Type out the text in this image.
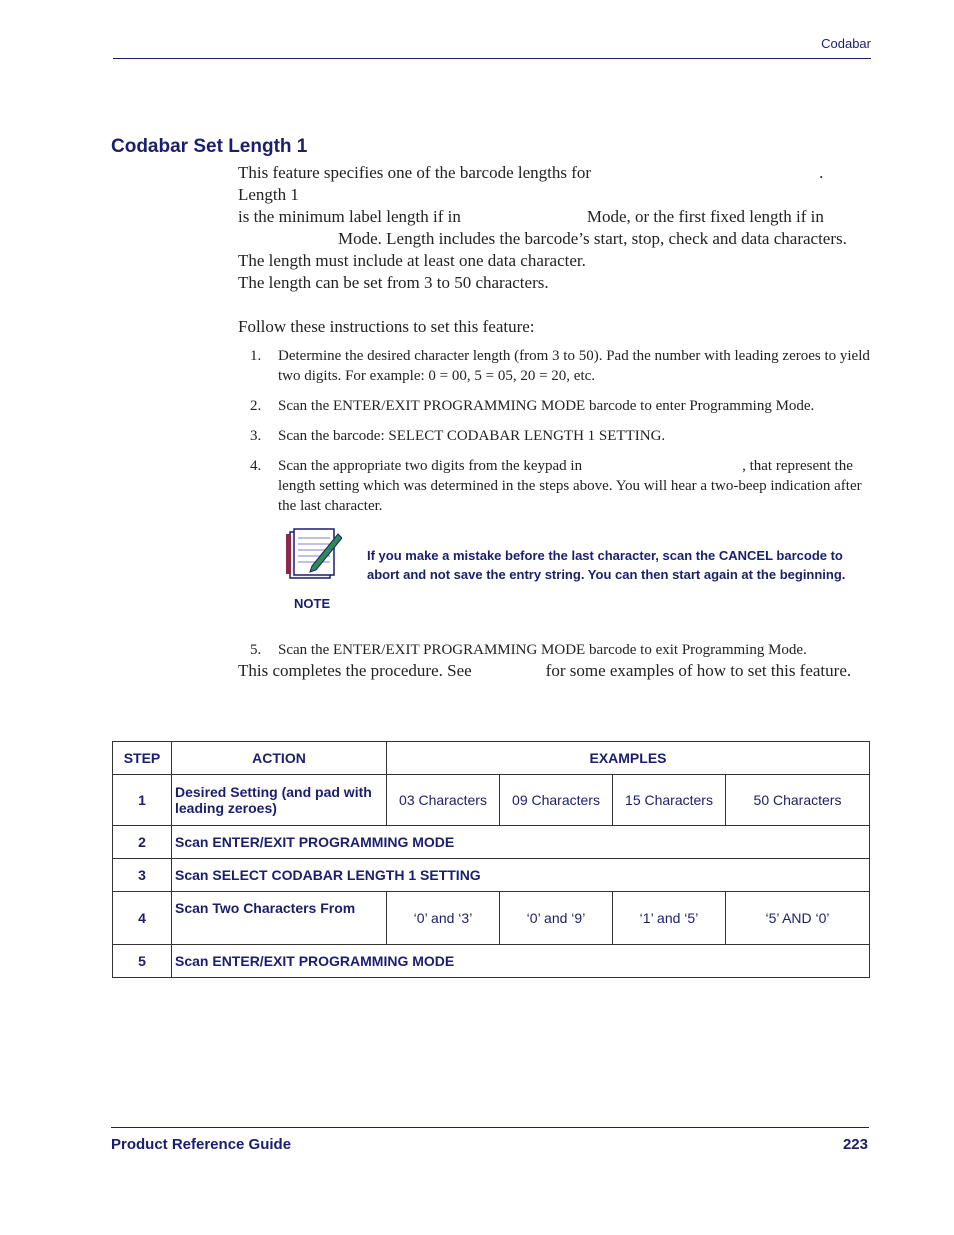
Codabar
Codabar Set Length 1

This feature specifies one of the barcode lengths for	. Length 1

is the minimum label length if in	Mode, or the first fixed length if in

Mode. Length includes the barcode’s start, stop, check and data characters.

The length must include at least one data character.

The length can be set from 3 to 50 characters.

Follow these instructions to set this feature:

1. Determine the desired character length (from 3 to 50). Pad the number with leading zeroes to yield two digits. For example: 0 = 00, 5 = 05, 20 = 20, etc.
2. Scan the ENTER/EXIT PROGRAMMING MODE barcode to enter Programming Mode.
3. Scan the barcode: SELECT CODABAR LENGTH 1 SETTING.
4. Scan the appropriate two digits from the keypad in	, that represent the length setting which was determined in the steps above. You will hear a two-beep indication after the last character.
NOTE
If you make a mistake before the last character, scan the CANCEL barcode to abort and not save the entry string. You can then start again at the beginning.
5. Scan the ENTER/EXIT PROGRAMMING MODE barcode to exit Programming Mode.

This completes the procedure. See	for some examples of how to set this feature.

STEP	ACTION	EXAMPLES			
1	Desired Setting (and pad with leading zeroes)	03 Characters	09 Characters	15 Characters	50 Characters
2	Scan ENTER/EXIT PROGRAMMING MODE				
3	Scan SELECT CODABAR LENGTH 1 SETTING				
4	Scan Two Characters From	‘0’ and ‘3’	‘0’ and ‘9’	‘1’ and ‘5’	‘5’ AND ‘0’
5	Scan ENTER/EXIT PROGRAMMING MODE				
Product Reference Guide	223
